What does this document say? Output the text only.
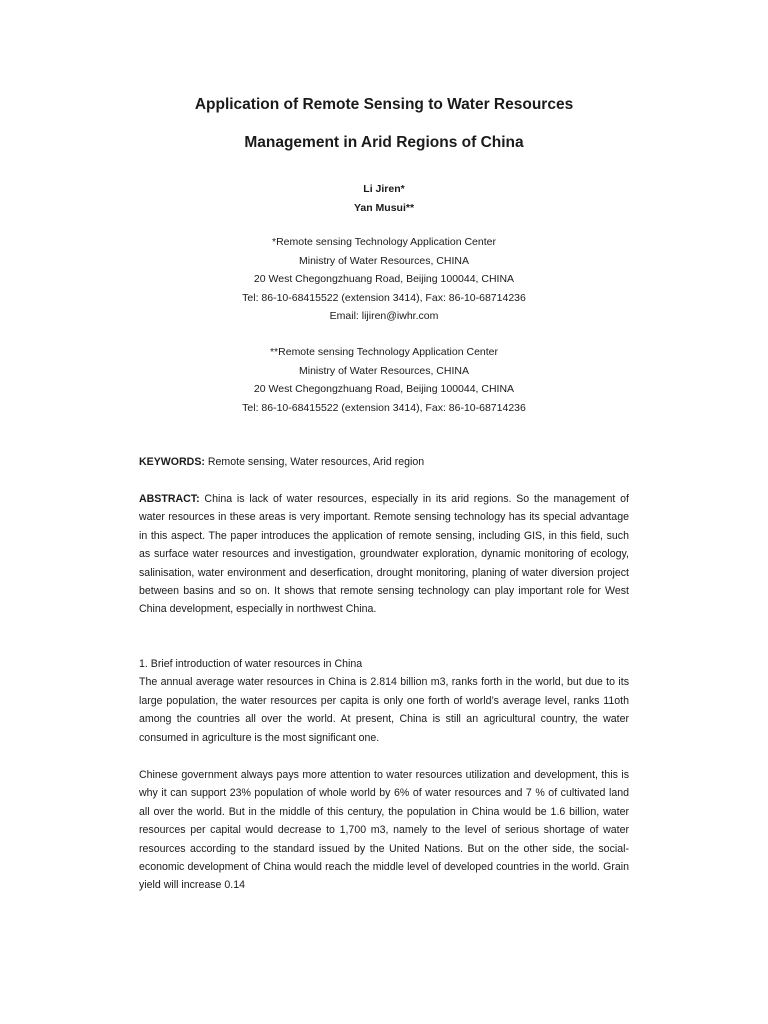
Application of Remote Sensing to Water Resources
Management in Arid Regions of China
Li Jiren*
Yan Musui**
*Remote sensing Technology Application Center
Ministry of Water Resources, CHINA
20 West Chegongzhuang Road, Beijing 100044, CHINA
Tel: 86-10-68415522 (extension 3414), Fax: 86-10-68714236
Email: lijiren@iwhr.com
**Remote sensing Technology Application Center
Ministry of Water Resources, CHINA
20 West Chegongzhuang Road, Beijing 100044, CHINA
Tel: 86-10-68415522 (extension 3414), Fax: 86-10-68714236

KEYWORDS: Remote sensing, Water resources, Arid region

ABSTRACT: China is lack of water resources, especially in its arid regions. So the management of water resources in these areas is very important. Remote sensing technology has its special advantage in this aspect. The paper introduces the application of remote sensing, including GIS, in this field, such as surface water resources and investigation, groundwater exploration, dynamic monitoring of ecology, salinisation, water environment and deserfication, drought monitoring, planing of water diversion project between basins and so on. It shows that remote sensing technology can play important role for West China development, especially in northwest China.

1. Brief introduction of water resources in China

The annual average water resources in China is 2.814 billion m3, ranks forth in the world, but due to its large population, the water resources per capita is only one forth of world’s average level, ranks 11oth among the countries all over the world. At present, China is still an agricultural country, the water consumed in agriculture is the most significant one.

Chinese government always pays more attention to water resources utilization and development, this is why it can support 23% population of whole world by 6% of water resources and 7 % of cultivated land all over the world. But in the middle of this century, the population in China would be 1.6 billion, water resources per capital would decrease to 1,700 m3, namely to the level of serious shortage of water resources according to the standard issued by the United Nations. But on the other side, the social-economic development of China would reach the middle level of developed countries in the world. Grain yield will increase 0.14
